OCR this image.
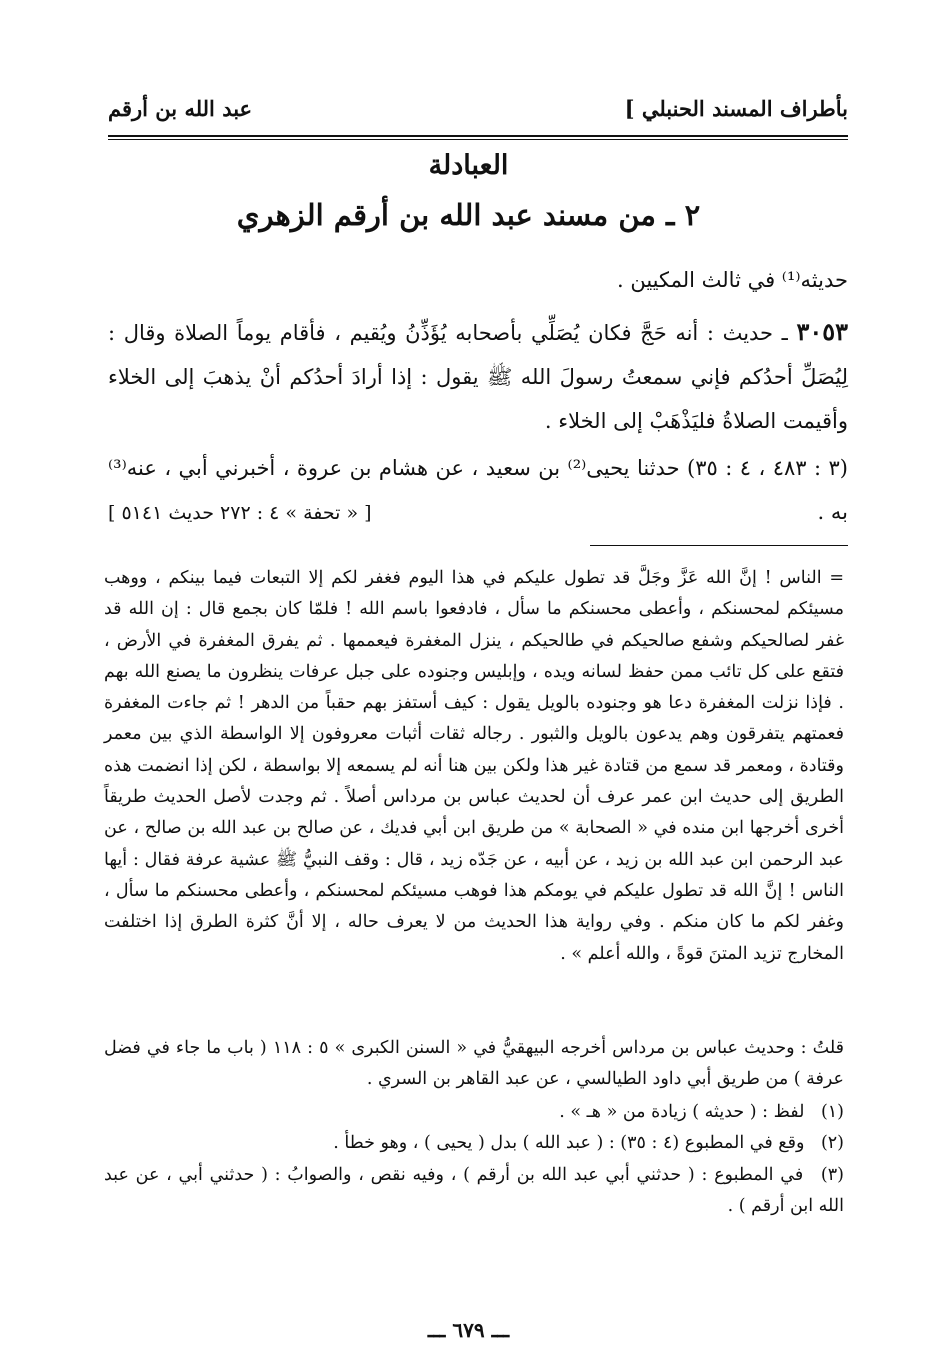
بأطراف المسند الحنبلي ]
عبد الله بن أرقم
العبادلة
٢ ـ من مسند عبد الله بن أرقم الزهري
حديثه⁽¹⁾ في ثالث المكيين .
٣٠٥٣ ـ حديث : أنه حَجَّ فكان يُصَلِّي بأصحابه يُؤَذِّنُ ويُقيم ، فأقام يوماً الصلاة وقال : لِيُصَلِّ أحدُكم فإني سمعتُ رسولَ الله ﷺ يقول : إذا أرادَ أحدُكم أنْ يذهبَ إلى الخلاء وأقيمت الصلاةُ فليَذْهَبْ إلى الخلاء .
(٣ : ٤٨٣ ، ٤ : ٣٥) حدثنا يحيى⁽²⁾ بن سعيد ، عن هشام بن عروة ، أخبرني أبي ، عنه⁽³⁾ به .
[ « تحفة » ٤ : ٢٧٢ حديث ٥١٤١ ]
= الناس ! إنَّ الله عَزَّ وجَلَّ قد تطول عليكم في هذا اليوم فغفر لكم إلا التبعات فيما بينكم ، ووهب مسيئكم لمحسنكم ، وأعطى محسنكم ما سأل ، فادفعوا باسم الله ! فلمّا كان بجمع قال : إن الله قد غفر لصالحيكم وشفع صالحيكم في طالحيكم ، ينزل المغفرة فيعممها . ثم يفرق المغفرة في الأرض ، فتقع على كل تائب ممن حفظ لسانه ويده ، وإبليس وجنوده على جبل عرفات ينظرون ما يصنع الله بهم . فإذا نزلت المغفرة دعا هو وجنوده بالويل يقول : كيف أستفز بهم حقباً من الدهر ! ثم جاءت المغفرة فعمتهم يتفرقون وهم يدعون بالويل والثبور . رجاله ثقات أثبات معروفون إلا الواسطة الذي بين معمر وقتادة ، ومعمر قد سمع من قتادة غير هذا ولكن بين هنا أنه لم يسمعه إلا بواسطة ، لكن إذا انضمت هذه الطريق إلى حديث ابن عمر عرف أن لحديث عباس بن مرداس أصلاً . ثم وجدت لأصل الحديث طريقاً أخرى أخرجها ابن منده في « الصحابة » من طريق ابن أبي فديك ، عن صالح بن عبد الله بن صالح ، عن عبد الرحمن ابن عبد الله بن زيد ، عن أبيه ، عن جَدّه زيد ، قال : وقف النبيُّ ﷺ عشية عرفة فقال : أيها الناس ! إنَّ الله قد تطول عليكم في يومكم هذا فوهب مسيئكم لمحسنكم ، وأعطى محسنكم ما سأل ، وغفر لكم ما كان منكم . وفي رواية هذا الحديث من لا يعرف حاله ، إلا أنَّ كثرة الطرق إذا اختلفت المخارج تزيد المتنَ قوةً ، والله أعلم » .
قلتُ : وحديث عباس بن مرداس أخرجه البيهقيُّ في « السنن الكبرى » ٥ : ١١٨ ( باب ما جاء في فضل عرفة ) من طريق أبي داود الطيالسي ، عن عبد القاهر بن السري .
(١) لفظ : ( حديثه ) زيادة من « هـ » .
(٢) وقع في المطبوع (٤ : ٣٥) : ( عبد الله ) بدل ( يحيى ) ، وهو خطأ .
(٣) في المطبوع : ( حدثني أبي عبد الله بن أرقم ) ، وفيه نقص ، والصوابُ : ( حدثني أبي ، عن عبد الله ابن أرقم ) .
ـــ ٦٧٩ ـــ
